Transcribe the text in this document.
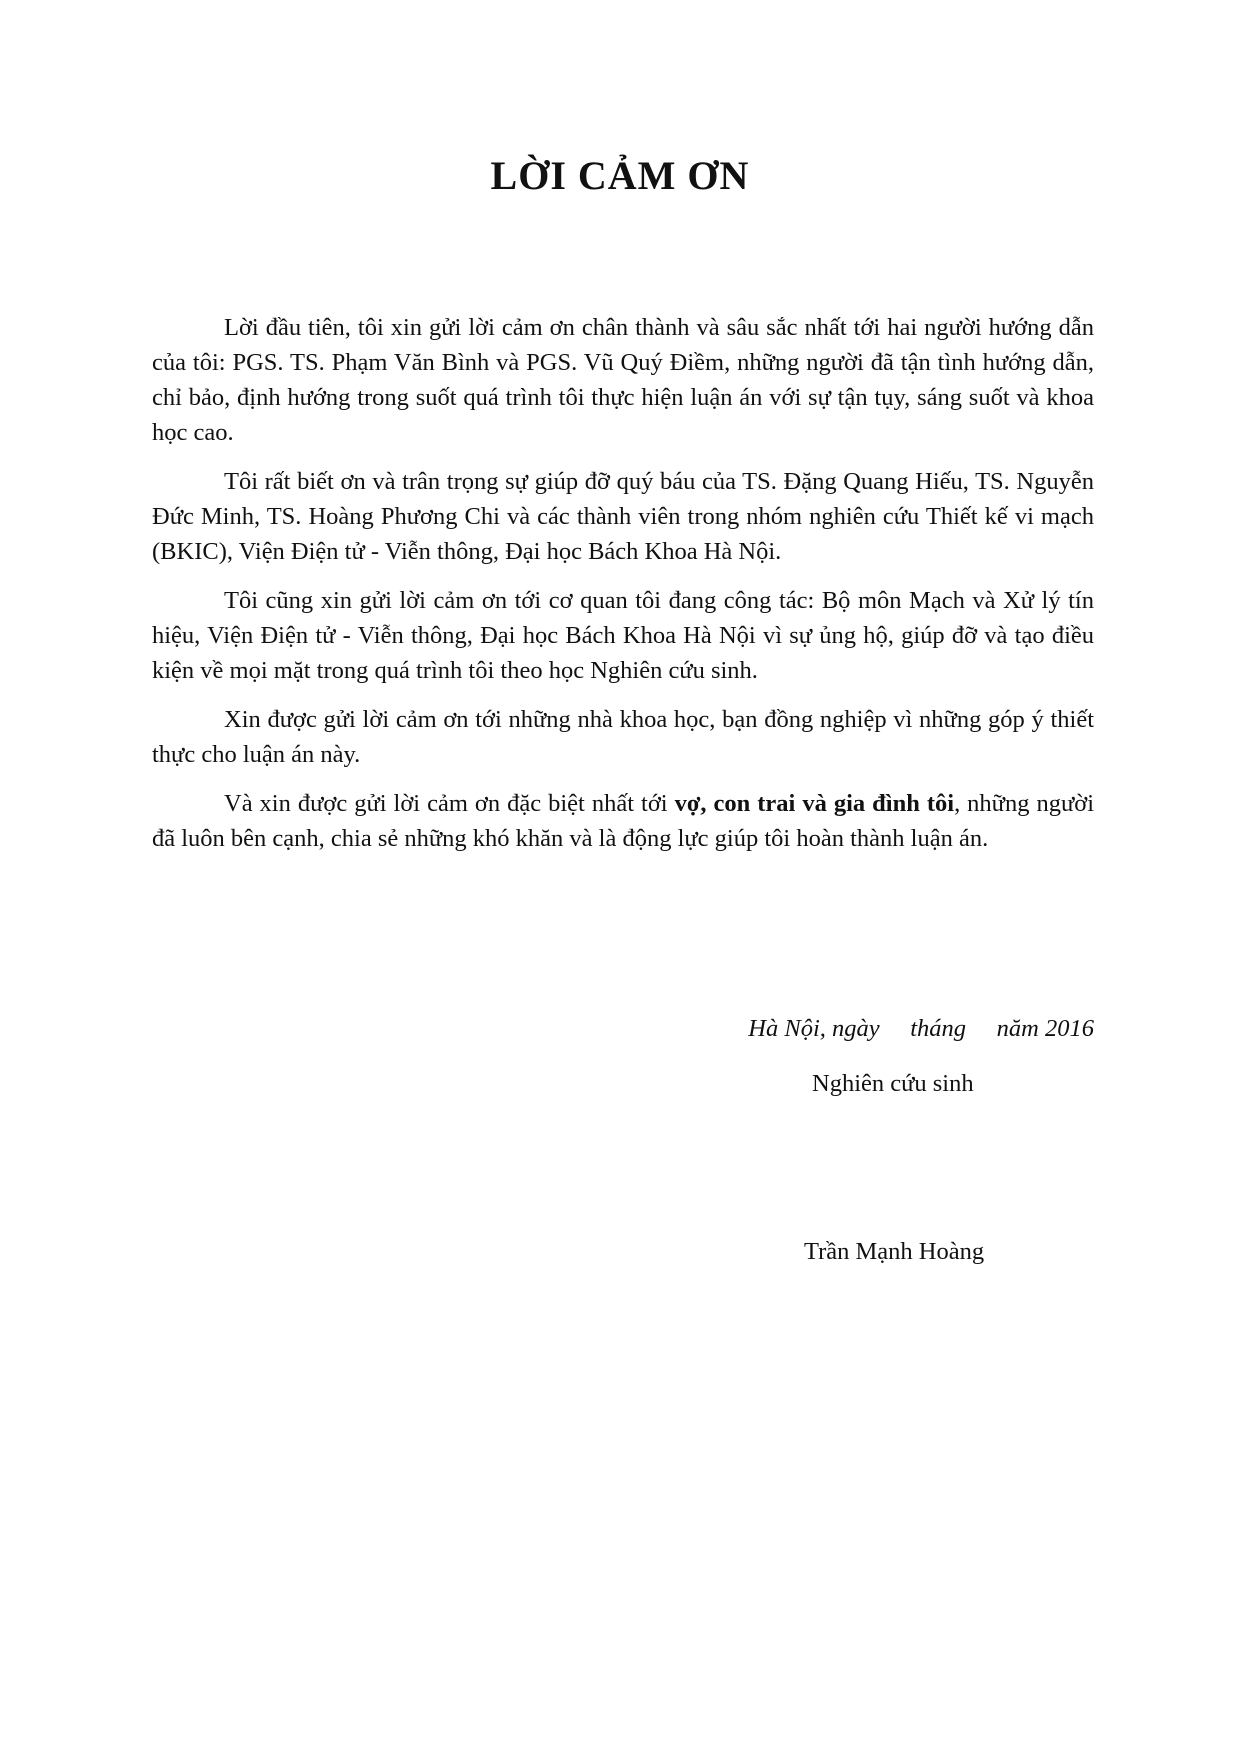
LỜI CẢM ƠN

Lời đầu tiên, tôi xin gửi lời cảm ơn chân thành và sâu sắc nhất tới hai người hướng dẫn của tôi: PGS. TS. Phạm Văn Bình và PGS. Vũ Quý Điềm, những người đã tận tình hướng dẫn, chỉ bảo, định hướng trong suốt quá trình tôi thực hiện luận án với sự tận tụy, sáng suốt và khoa học cao.

Tôi rất biết ơn và trân trọng sự giúp đỡ quý báu của TS. Đặng Quang Hiếu, TS. Nguyễn Đức Minh, TS. Hoàng Phương Chi và các thành viên trong nhóm nghiên cứu Thiết kế vi mạch (BKIC), Viện Điện tử - Viễn thông, Đại học Bách Khoa Hà Nội.

Tôi cũng xin gửi lời cảm ơn tới cơ quan tôi đang công tác: Bộ môn Mạch và Xử lý tín hiệu, Viện Điện tử - Viễn thông, Đại học Bách Khoa Hà Nội vì sự ủng hộ, giúp đỡ và tạo điều kiện về mọi mặt trong quá trình tôi theo học Nghiên cứu sinh.

Xin được gửi lời cảm ơn tới những nhà khoa học, bạn đồng nghiệp vì những góp ý thiết thực cho luận án này.

Và xin được gửi lời cảm ơn đặc biệt nhất tới vợ, con trai và gia đình tôi, những người đã luôn bên cạnh, chia sẻ những khó khăn và là động lực giúp tôi hoàn thành luận án.

Hà Nội, ngày     tháng     năm 2016
Nghiên cứu sinh
Trần Mạnh Hoàng
